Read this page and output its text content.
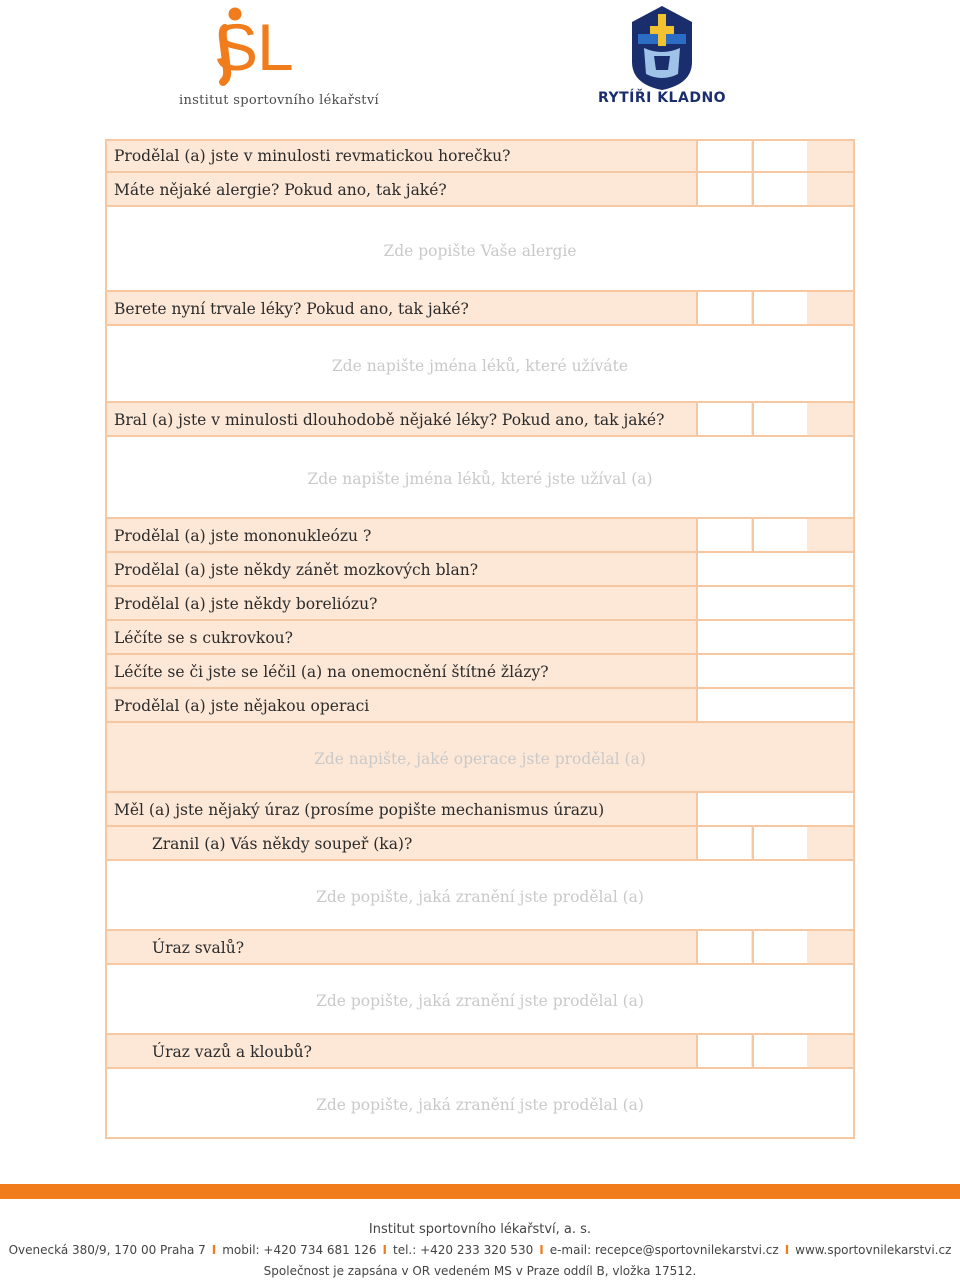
SL
institut sportovního lékařství	RYTÍŘI KLADNO
Prodělal (a) jste v minulosti revmatickou horečku?
Máte nějaké alergie? Pokud ano, tak jaké?
Zde popište Vaše alergie
Berete nyní trvale léky? Pokud ano, tak jaké?
Zde napište jména léků, které užíváte
Bral (a) jste v minulosti dlouhodobě nějaké léky? Pokud ano, tak jaké?
Zde napište jména léků, které jste užíval (a)
Prodělal (a) jste mononukleózu ?
Prodělal (a) jste někdy zánět mozkových blan?
Prodělal (a) jste někdy boreliózu?
Léčíte se s cukrovkou?
Léčíte se či jste se léčil (a) na onemocnění štítné žlázy?
Prodělal (a) jste nějakou operaci
Zde napište, jaké operace jste prodělal (a)
Měl (a) jste nějaký úraz (prosíme popište mechanismus úrazu)
Zranil (a) Vás někdy soupeř (ka)?
Zde popište, jaká zranění jste prodělal (a)
Úraz svalů?
Zde popište, jaká zranění jste prodělal (a)
Úraz vazů a kloubů?
Zde popište, jaká zranění jste prodělal (a)
Institut sportovního lékařství, a. s.
Ovenecká 380/9, 170 00 Praha 7 I mobil: +420 734 681 126 I tel.: +420 233 320 530 I e-mail: recepce@sportovnilekarstvi.cz I www.sportovnilekarstvi.cz
Společnost je zapsána v OR vedeném MS v Praze oddíl B, vložka 17512.
